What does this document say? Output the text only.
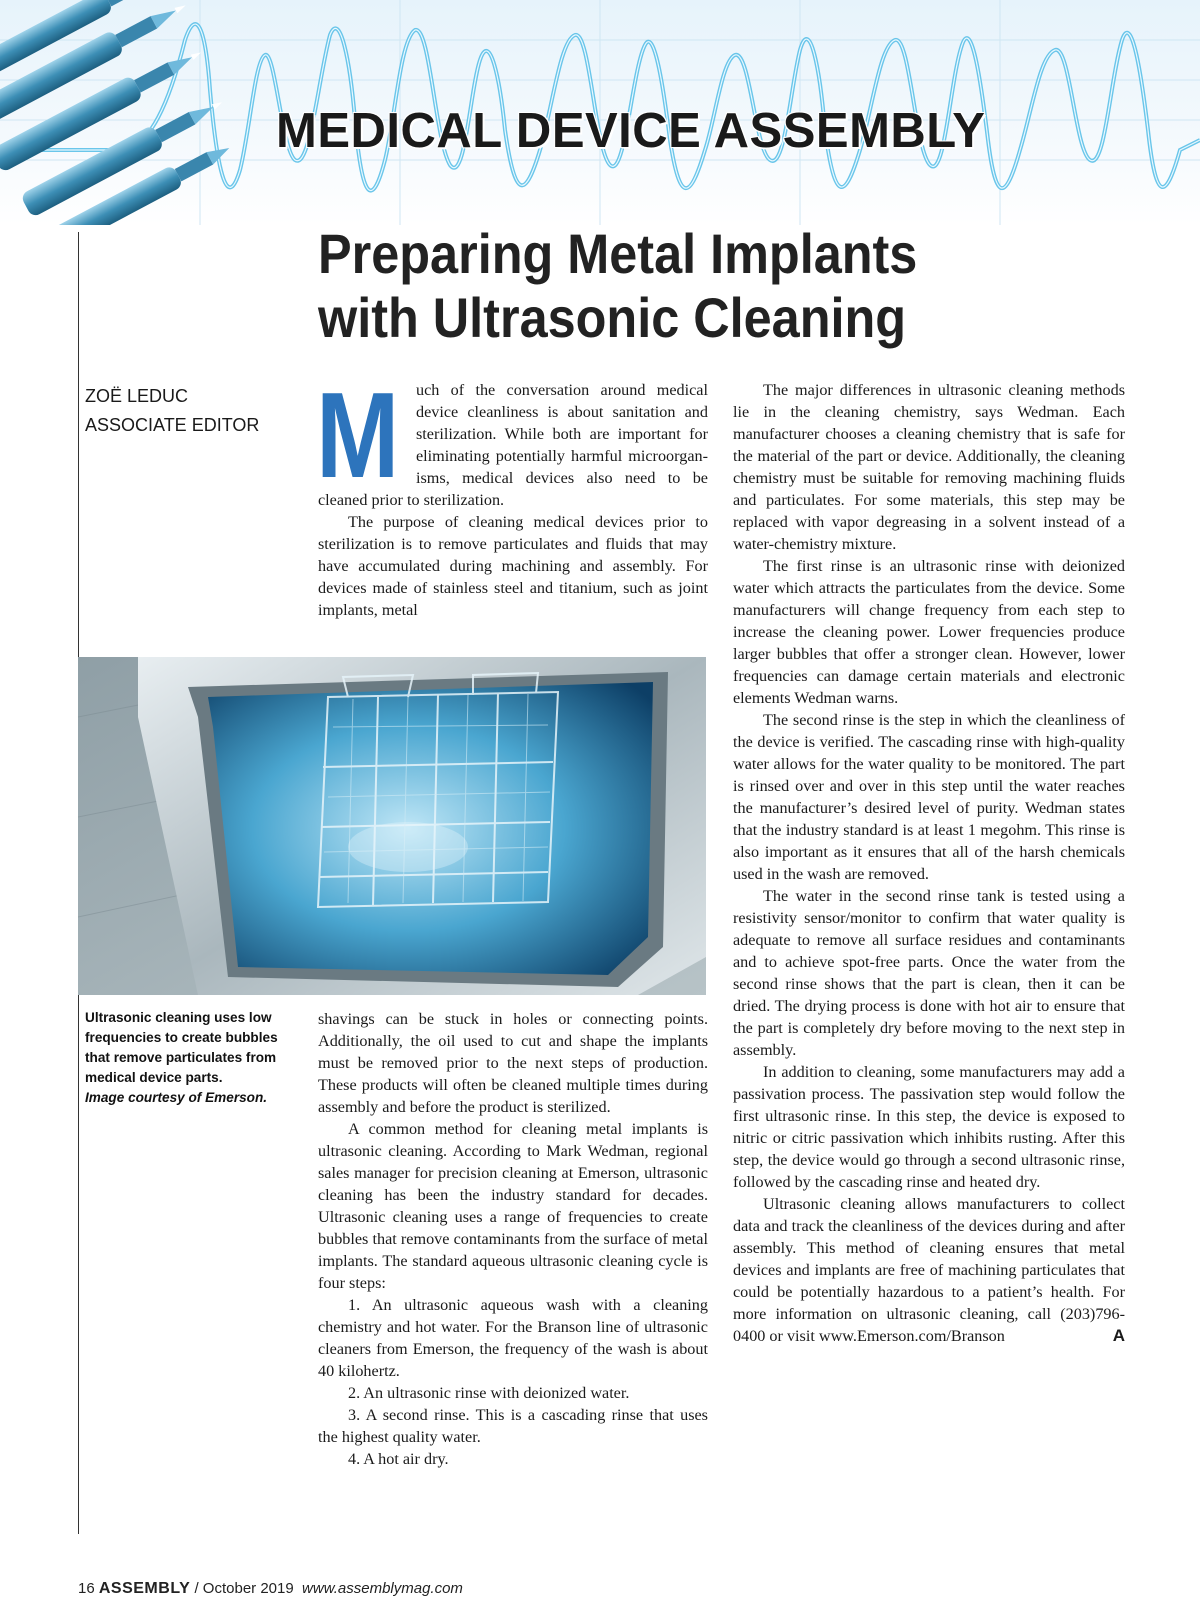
MEDICAL DEVICE ASSEMBLY
Preparing Metal Implants
with Ultrasonic Cleaning
ZOË LEDUC
ASSOCIATE EDITOR M uch of the conversation around medical device cleanliness is about sanitation and sterilization. While both are important for eliminating potentially harmful microorganisms, medical devices also need to be cleaned prior to sterilization.

The purpose of cleaning medical devices prior to sterilization is to remove particulates and fluids that may have accumulated during machining and assembly. For devices made of stainless steel and titanium, such as joint implants, metal

Ultrasonic cleaning uses low frequencies to create bubbles that remove particulates from medical device parts.
Image courtesy of Emerson.

shavings can be stuck in holes or connecting points. Additionally, the oil used to cut and shape the implants must be removed prior to the next steps of production. These products will often be cleaned multiple times during assembly and before the product is sterilized.

A common method for cleaning metal implants is ultrasonic cleaning. According to Mark Wedman, regional sales manager for precision cleaning at Emerson, ultrasonic cleaning has been the industry standard for decades. Ultrasonic cleaning uses a range of frequencies to create bubbles that remove contaminants from the surface of metal implants. The standard aqueous ultrasonic cleaning cycle is four steps:

1. An ultrasonic aqueous wash with a cleaning chemistry and hot water. For the Branson line of ultrasonic cleaners from Emerson, the frequency of the wash is about 40 kilohertz.

2. An ultrasonic rinse with deionized water.

3. A second rinse. This is a cascading rinse that uses the highest quality water.

4. A hot air dry.

The major differences in ultrasonic cleaning methods lie in the cleaning chemistry, says Wedman. Each manufacturer chooses a cleaning chemistry that is safe for the material of the part or device. Additionally, the cleaning chemistry must be suitable for removing machining fluids and particulates. For some materials, this step may be replaced with vapor degreasing in a solvent instead of a water-chemistry mixture.

The first rinse is an ultrasonic rinse with deionized water which attracts the particulates from the device. Some manufacturers will change frequency from each step to increase the cleaning power. Lower frequencies produce larger bubbles that offer a stronger clean. However, lower frequencies can damage certain materials and electronic elements Wedman warns.

The second rinse is the step in which the cleanliness of the device is verified. The cascading rinse with high-quality water allows for the water quality to be monitored. The part is rinsed over and over in this step until the water reaches the manufacturer’s desired level of purity. Wedman states that the industry standard is at least 1 megohm. This rinse is also important as it ensures that all of the harsh chemicals used in the wash are removed.

The water in the second rinse tank is tested using a resistivity sensor/monitor to confirm that water quality is adequate to remove all surface residues and contaminants and to achieve spot-free parts. Once the water from the second rinse shows that the part is clean, then it can be dried. The drying process is done with hot air to ensure that the part is completely dry before moving to the next step in assembly.

In addition to cleaning, some manufacturers may add a passivation process. The passivation step would follow the first ultrasonic rinse. In this step, the device is exposed to nitric or citric passivation which inhibits rusting. After this step, the device would go through a second ultrasonic rinse, followed by the cascading rinse and heated dry.

Ultrasonic cleaning allows manufacturers to collect data and track the cleanliness of the devices during and after assembly. This method of cleaning ensures that metal devices and implants are free of machining particulates that could be potentially hazardous to a patient’s health. For more information on ultrasonic cleaning, call (203)796-0400 or visit www.Emerson.com/Branson	A

16 ASSEMBLY / October 2019 www.assemblymag.com
